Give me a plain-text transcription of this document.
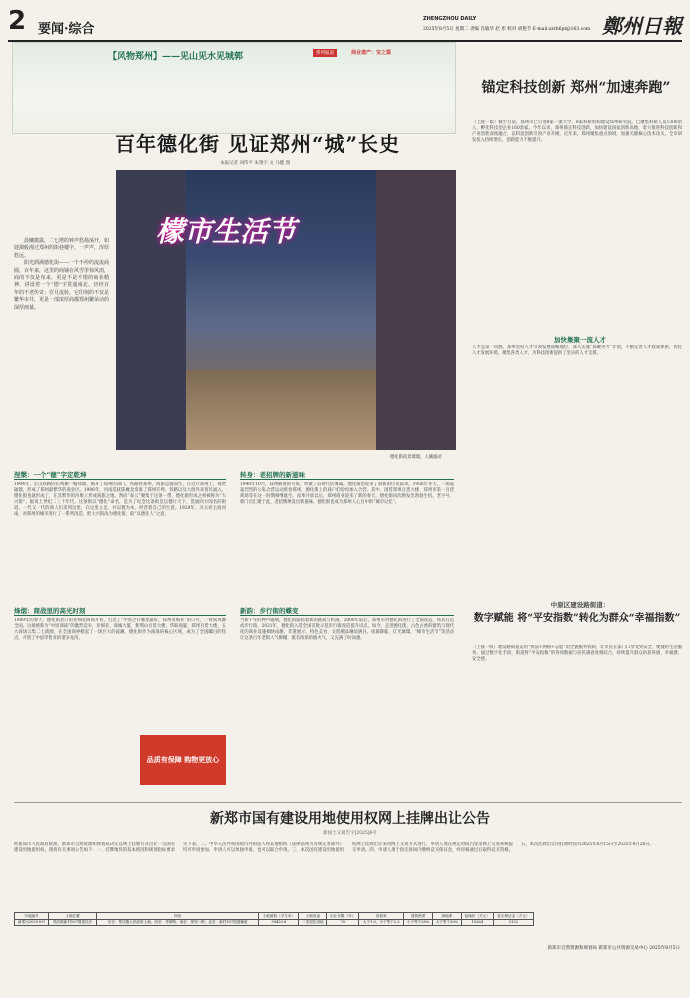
2 要闻·综合
ZHENGZHOU DAILY
2025年8月5日 星期二 责编 肖敏华 赵 彤 校对 胡艳节 E-mail:zzrb6pt@163.com 鄭州日報
【风物郑州】——见山见水见城郭	系列报道	商业遗产：宝之篇
百年德化街 见证郑州“城”长史
本报记者 刘伟平 朱翔宇 文 马健 图

晨曦微露，二七塔的钟声悠扬荡开，如涟漪般漫过郑州的街巷楼宇，一声声，浑厚悠远。

阳光洒满德化街——一个不停的流流商圈。百年来，这里的商铺在风雪里惊风雨，商的不仅是布来，更是不是不错的商业精神，讲设着一个“德”字贯通南北，历经百年的不老传奇；岁月流转，它印刻的不仅是繁华市井，更是一部浓厚商都郑州繁荣动的深厚画幕。

檬市生活节
德化街夜景璀璨，人潮涌动
涅槃：一个“德”字定乾坤
1904年，京汉铁路的长鸣撕一帽郑旗，揭开了郑州的命门。铁路将郑州，商旅运辏而至，在这片郑州上，商贾辐辏，形成了郑州最繁华的商业区。1906年，河南巡抚陈夔龙奏准了郑州开埠，铁路以及大批外来客民涌入，德化街也就形成了，在其繁华的沙堆上形成商旅之地。然而“泰云”聚集于这条一带，德化街形成之初被称为“大兴街”。据说上世纪二三十年代，这条街以“德化”命名，是为了纪念这条街是以德行天下、货通四方闻名的街道。一代又一代的商人们来到这里，在这里立足，并以德为本，经营着自己的生意。1928年，冯玉祥主政河南，对郑州的城市进行了一系列改造，把大兴街改为德化街，取“以德化人”之意。
转身：老招牌的新滋味
1948年10月，郑州解放的号角，吹散了旧时代的雾霭，德化街也迎来了崭新的历史篇章。1956年冬天，一场轰轰烈烈的公私合营运动席卷郑州，德化街上的商户们纷纷加入合营。其中，国营郑州百货大楼、郑州市第一百货商场等在这一时期相继诞生。改革开放以后，郑州商业迎来了新的春天，德化街再次焕发出勃勃生机。老字号、新门店汇聚于此，老招牌焕发出新滋味，德化街也成为郑州人心目中的“城市记忆”。
烽烟：商战里的高光时刻
1989年的春天，德化街北口的亚细亚商场开业，打出了“中原之行哪里最好，郑州亚细亚”的口号，一时间风靡全国。这场被称为“中原商战”的激烈竞争，亚细亚、商城大厦、紫荆山百货大楼、华联商厦、郑州百货大楼，五大商场云集二七商圈，在全国商界掀起了一场巨大的波澜。德化街作为商战的核心区域，成为了全国瞩目的焦点，开创了中国零售业的诸多先河。
新韵：步行街的蝶变
当新千年的钟声敲响，德化街面临着新的挑战与机遇。2000年前后，郑州市对德化街进行了全面改造，将其打造成步行街。2021年，德化街入选全国首批示范步行街改造提升试点。如今，走进德化街，古色古香的建筑与现代化的商业设施相映成趣，非遗展示、特色美食、文创潮品琳琅满目。夜幕降临，灯光璀璨，“檬市生活节”等活动让这条百年老街人气爆棚，既有浓浓的烟火气，又充满了时尚感。
品质有保障 购物更放心
锚定科技创新 郑州“加速奔跑”
（上接一版）截至目前，郑州市已引进8家一流大学，8家科研机构建设郑州研究院，已聚集科研人员1300余人，孵化科技型企业160余家。今年以来，郑州锚定科技创新，加快建设国家创新高地，着力推进科技创新和产业创新深度融合，以科技创新引领产业升级。近年来，郑州聚焦重点领域，加强关键核心技术攻关，全市研发投入持续增长，创新能力不断提升。
加快集聚一流人才
人才是第一资源。郑州坚持人才引领发展战略地位，深入实施“郑聚英才”计划，不断完善人才政策体系，优化人才发展环境，聚集各类人才，为科技创新提供了坚实的人才支撑。
中原区建设路街道：
数字赋能 将“平安指数”转化为群众“幸福指数”
（上接一版）建设路街道运用“执法+网格+志愿”的全链服务机制，让市民在家门口享受到安全、便捷的生活服务。通过数字化手段，街道将“平安指数”的各项数据与居民满意度相结合，持续提升群众的获得感、幸福感、安全感。
新郑市国有建设用地使用权网上挂牌出让公告
新国土交易告字[2025]6号
经新郑市人民政府批准，新郑市自然资源和规划局决定以网上挂牌方式出让一宗国有建设用地使用权。现将有关事项公告如下：一、挂牌地块的基本情况和规划指标要求见下表。二、中华人民共和国境内外的法人和其他组织（法律法规另有规定者除外）均可申请参加，申请人可以单独申请，也可以联合申请。三、本次国有建设用地使用权网上挂牌出让采用网上交易方式进行，申请人须在规定时间内登录网上交易系统提交申请。四、申请人须于指定时间内缴纳竞买保证金，经审核通过后取得竞买资格。五、本次挂牌出让的挂牌时间为2025年8月15日至2025年8月26日。
宗地编号	土地位置	四至	土地面积（平方米）	土地用途	出让年限（年）	容积率	建筑密度	绿地率	起始价（万元）	竞买保证金（万元）
新郑出2025-8号	郑店镇新村107国道以东	东至：郑店镇人民政府土地；西至：华润路；南至：规划一路；北至：新村107国道辅道	39420.8	二类居住用地	70	大于1.0，小于等于2.3	小于等于28%	大于等于30%	10264	5132
新郑市自然资源和规划局 新郑市公共资源交易中心 2025年8月5日
